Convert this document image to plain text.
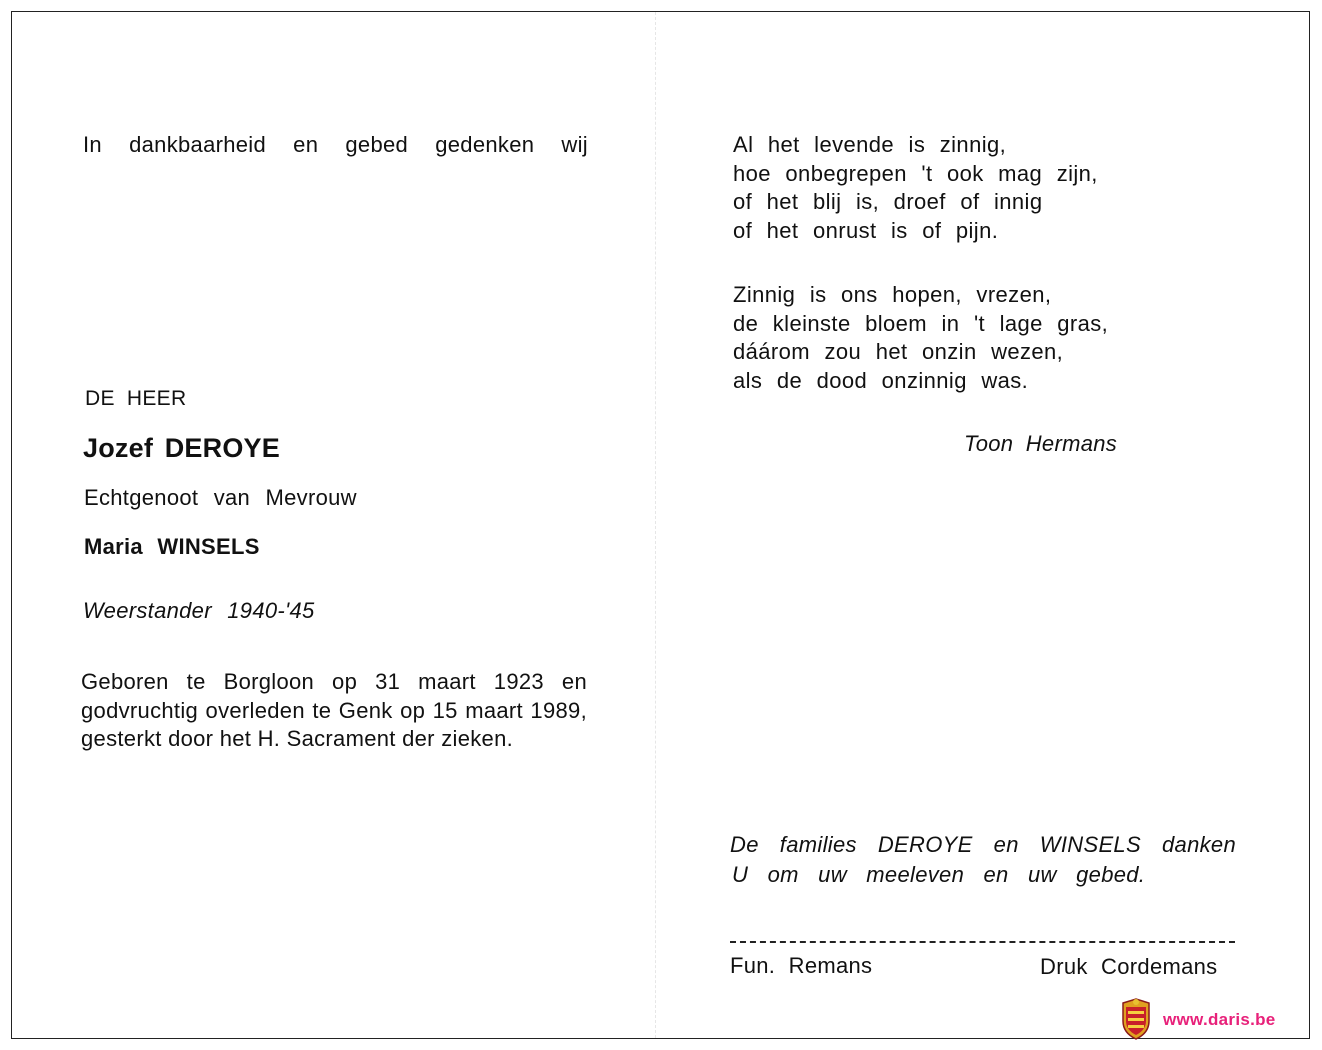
In dankbaarheid en gebed gedenken wij
DE HEER
Jozef DEROYE
Echtgenoot van Mevrouw
Maria WINSELS
Weerstander 1940-'45
Geboren te Borgloon op 31 maart 1923 en godvruchtig overleden te Genk op 15 maart 1989, gesterkt door het H. Sacrament der zieken.
Al het levende is zinnig,
hoe onbegrepen 't ook mag zijn,
of het blij is, droef of innig
of het onrust is of pijn.
Zinnig is ons hopen, vrezen,
de kleinste bloem in 't lage gras,
dáárom zou het onzin wezen,
als de dood onzinnig was.
Toon Hermans
De families DEROYE en WINSELS danken
U om uw meeleven en uw gebed.
Fun. Remans	Druk Cordemans
www.daris.be
